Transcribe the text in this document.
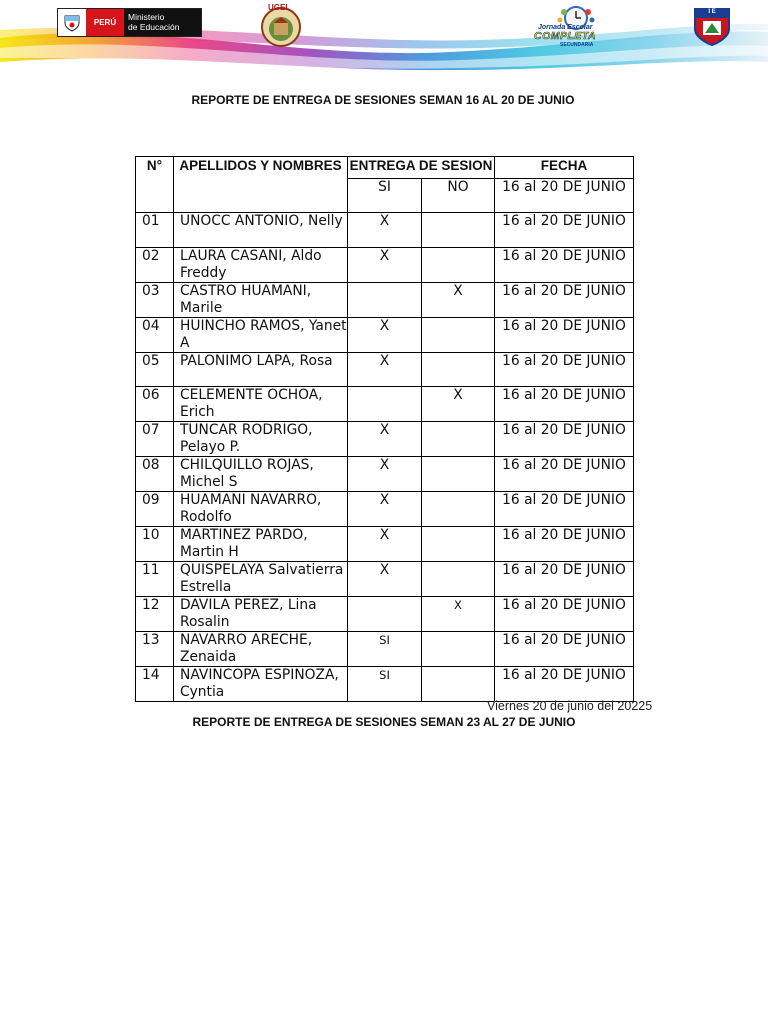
PERÚ
Ministerio
de Educación
UGEL
Jornada Escolar
COMPLETA
SECUNDARIA
I E
REPORTE DE ENTREGA DE SESIONES SEMAN 16 AL 20 DE JUNIO
N°	APELLIDOS Y NOMBRES	ENTREGA DE SESION		FECHA
		SI	NO	16 al 20 DE JUNIO
01	UNOCC ANTONIO, Nelly	X		16 al 20 DE JUNIO
02	LAURA CASANI, Aldo Freddy	X		16 al 20 DE JUNIO
03	CASTRO HUAMANI, Marile		X	16 al 20 DE JUNIO
04	HUINCHO RAMOS, Yanet A	X		16 al 20 DE JUNIO
05	PALONIMO LAPA, Rosa	X		16 al 20 DE JUNIO
06	CELEMENTE OCHOA, Erich		X	16 al 20 DE JUNIO
07	TUNCAR RODRIGO, Pelayo P.	X		16 al 20 DE JUNIO
08	CHILQUILLO ROJAS, Michel S	X		16 al 20 DE JUNIO
09	HUAMANI NAVARRO, Rodolfo	X		16 al 20 DE JUNIO
10	MARTINEZ PARDO, Martin H	X		16 al 20 DE JUNIO
11	QUISPELAYA Salvatierra Estrella	X		16 al 20 DE JUNIO
12	DAVILA PEREZ, Lina Rosalin		X	16 al 20 DE JUNIO
13	NAVARRO ARECHE, Zenaida	SI		16 al 20 DE JUNIO
14	NAVINCOPA ESPINOZA, Cyntia	SI		16 al 20 DE JUNIO
Viernes 20 de junio del 20225
REPORTE DE ENTREGA DE SESIONES SEMAN 23 AL 27 DE JUNIO
